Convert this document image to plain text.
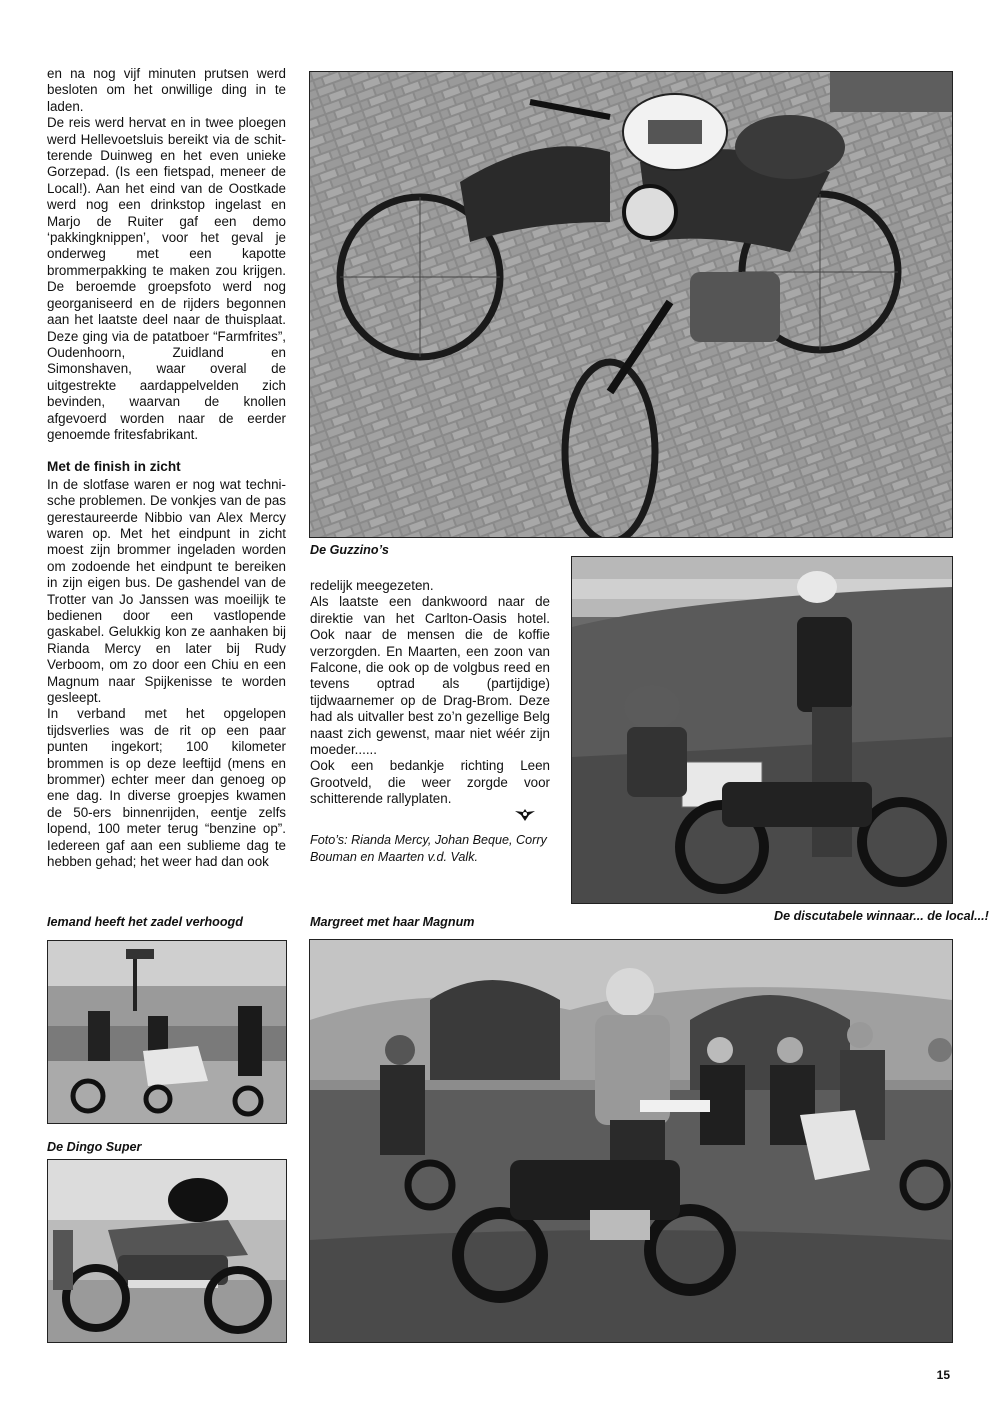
en na nog vijf minuten prutsen werd besloten om het onwillige ding in te laden.

De reis werd hervat en in twee ploegen werd Hellevoetsluis bereikt via de schitterende Duinweg en het even unieke Gorzepad. (Is een fietspad, meneer de Local!). Aan het eind van de Oostkade werd nog een drinkstop ingelast en Marjo de Ruiter gaf een demo ‘pakkingknippen’, voor het geval je onderweg met een kapotte brommerpakking te maken zou krijgen. De beroemde groepsfoto werd nog georganiseerd en de rijders begonnen aan het laatste deel naar de thuisplaat. Deze ging via de patatboer “Farmfrites”, Oudenhoorn, Zuidland en Simonshaven, waar overal de uitgestrekte aardappelvelden zich bevinden, waarvan de knollen afgevoerd worden naar de eerder genoemde fritesfabrikant.

Met de finish in zicht

In de slotfase waren er nog wat technische problemen. De vonkjes van de pas gerestaureerde Nibbio van Alex Mercy waren op. Met het eindpunt in zicht moest zijn brommer ingeladen worden om zodoende het eindpunt te bereiken in zijn eigen bus. De gashendel van de Trotter van Jo Janssen was moeilijk te bedienen door een vastlopende gaskabel. Gelukkig kon ze aanhaken bij Rianda Mercy en later bij Rudy Verboom, om zo door een Chiu en een Magnum naar Spijkenisse te worden gesleept.

In verband met het opgelopen tijdsverlies was de rit op een paar punten ingekort; 100 kilometer brommen is op deze leeftijd (mens en brommer) echter meer dan genoeg op ene dag. In diverse groepjes kwamen de 50-ers binnenrijden, eentje zelfs lopend, 100 meter terug “benzine op”. Iedereen gaf aan een sublieme dag te hebben gehad; het weer had dan ook

redelijk meegezeten.

Als laatste een dankwoord naar de direktie van het Carlton-Oasis hotel. Ook naar de mensen die de koffie verzorgden. En Maarten, een zoon van Falcone, die ook op de volgbus reed en tevens optrad als (partijdige) tijdwaarnemer op de Drag-Brom. Deze had als uitvaller best zo’n gezellige Belg naast zich gewenst, maar niet wéér zijn moeder......

Ook een bedankje richting Leen Grootveld, die weer zorgde voor schitterende rallyplaten.

Foto’s: Rianda Mercy, Johan Beque, Corry Bouman en Maarten v.d. Valk.

De Guzzino’s
De discutabele winnaar... de local...!
Iemand heeft het zadel verhoogd
De Dingo Super
Margreet met haar Magnum
15
